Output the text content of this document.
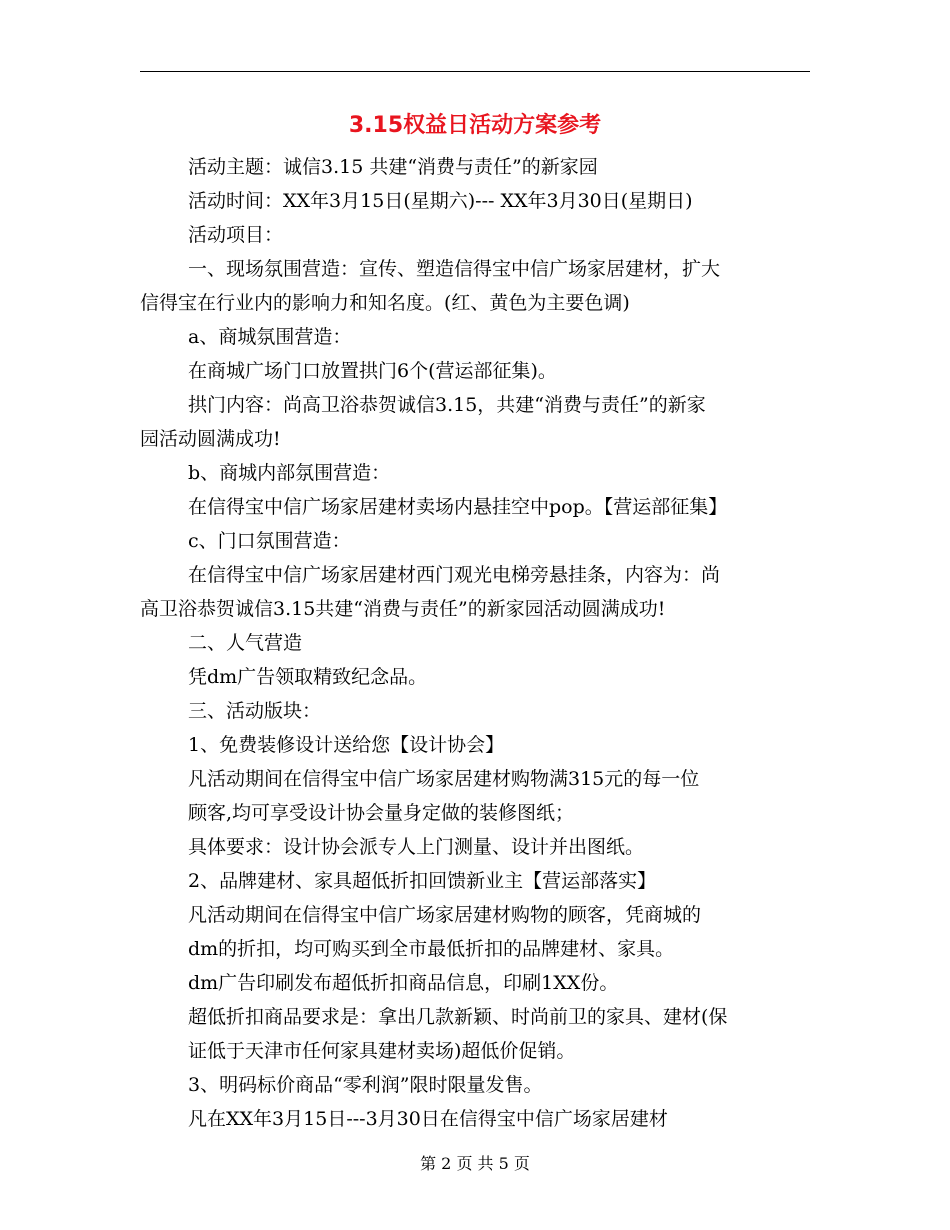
3.15权益日活动方案参考

活动主题：诚信3.15 共建“消费与责任”的新家园

活动时间：XX年3月15日(星期六)--- XX年3月30日(星期日)

活动项目：

一、现场氛围营造：宣传、塑造信得宝中信广场家居建材，扩大

信得宝在行业内的影响力和知名度。(红、黄色为主要色调)

a、商城氛围营造：

在商城广场门口放置拱门6个(营运部征集)。

拱门内容：尚高卫浴恭贺诚信3.15，共建“消费与责任”的新家

园活动圆满成功!

b、商城内部氛围营造：

在信得宝中信广场家居建材卖场内悬挂空中pop。【营运部征集】

c、门口氛围营造：

在信得宝中信广场家居建材西门观光电梯旁悬挂条，内容为：尚

高卫浴恭贺诚信3.15共建“消费与责任”的新家园活动圆满成功!

二、人气营造

凭dm广告领取精致纪念品。

三、活动版块：

1、免费装修设计送给您【设计协会】

凡活动期间在信得宝中信广场家居建材购物满315元的每一位

顾客,均可享受设计协会量身定做的装修图纸；

具体要求：设计协会派专人上门测量、设计并出图纸。

2、品牌建材、家具超低折扣回馈新业主【营运部落实】

凡活动期间在信得宝中信广场家居建材购物的顾客，凭商城的

dm的折扣，均可购买到全市最低折扣的品牌建材、家具。

dm广告印刷发布超低折扣商品信息，印刷1XX份。

超低折扣商品要求是：拿出几款新颖、时尚前卫的家具、建材(保

证低于天津市任何家具建材卖场)超低价促销。

3、明码标价商品“零利润”限时限量发售。

凡在XX年3月15日---3月30日在信得宝中信广场家居建材

第 2 页 共 5 页
